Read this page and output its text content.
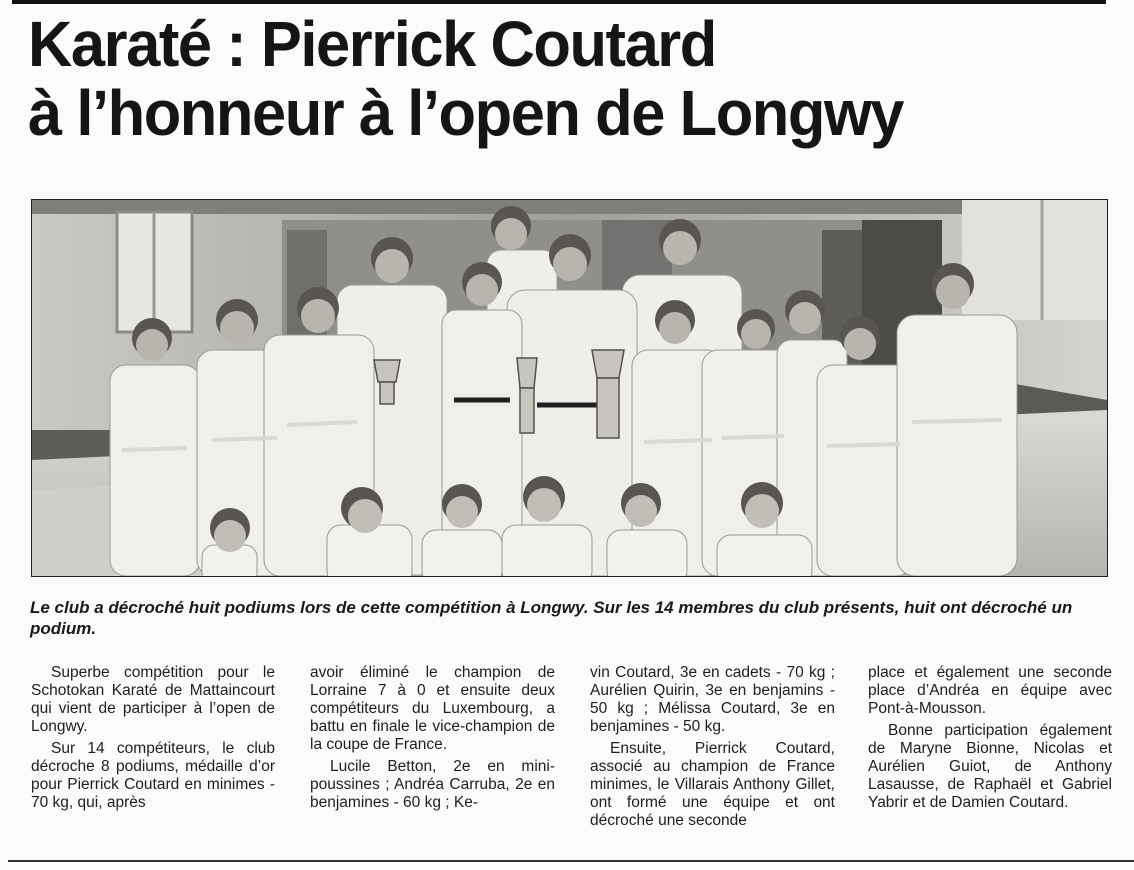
Karaté : Pierrick Coutard
à l’honneur à l’open de Longwy

Le club a décroché huit podiums lors de cette compétition à Longwy. Sur les 14 membres du club présents, huit ont décroché un podium.

Superbe compétition pour le Schotokan Karaté de Mattaincourt qui vient de participer à l’open de Longwy.

Sur 14 compétiteurs, le club décroche 8 podiums, médaille d’or pour Pierrick Coutard en minimes - 70 kg, qui, après

avoir éliminé le champion de Lorraine 7 à 0 et ensuite deux compétiteurs du Luxembourg, a battu en finale le vice-champion de la coupe de France.

Lucile Betton, 2e en mini-poussines ; Andréa Carruba, 2e en benjamines - 60 kg ; Ke-

vin Coutard, 3e en cadets - 70 kg ; Aurélien Quirin, 3e en benjamins - 50 kg ; Mélissa Coutard, 3e en benjamines - 50 kg.

Ensuite, Pierrick Coutard, associé au champion de France minimes, le Villarais Anthony Gillet, ont formé une équipe et ont décroché une seconde

place et également une seconde place d’Andréa en équipe avec Pont-à-Mousson.

Bonne participation également de Maryne Bionne, Nicolas et Aurélien Guiot, de Anthony Lasausse, de Raphaël et Gabriel Yabrir et de Damien Coutard.
